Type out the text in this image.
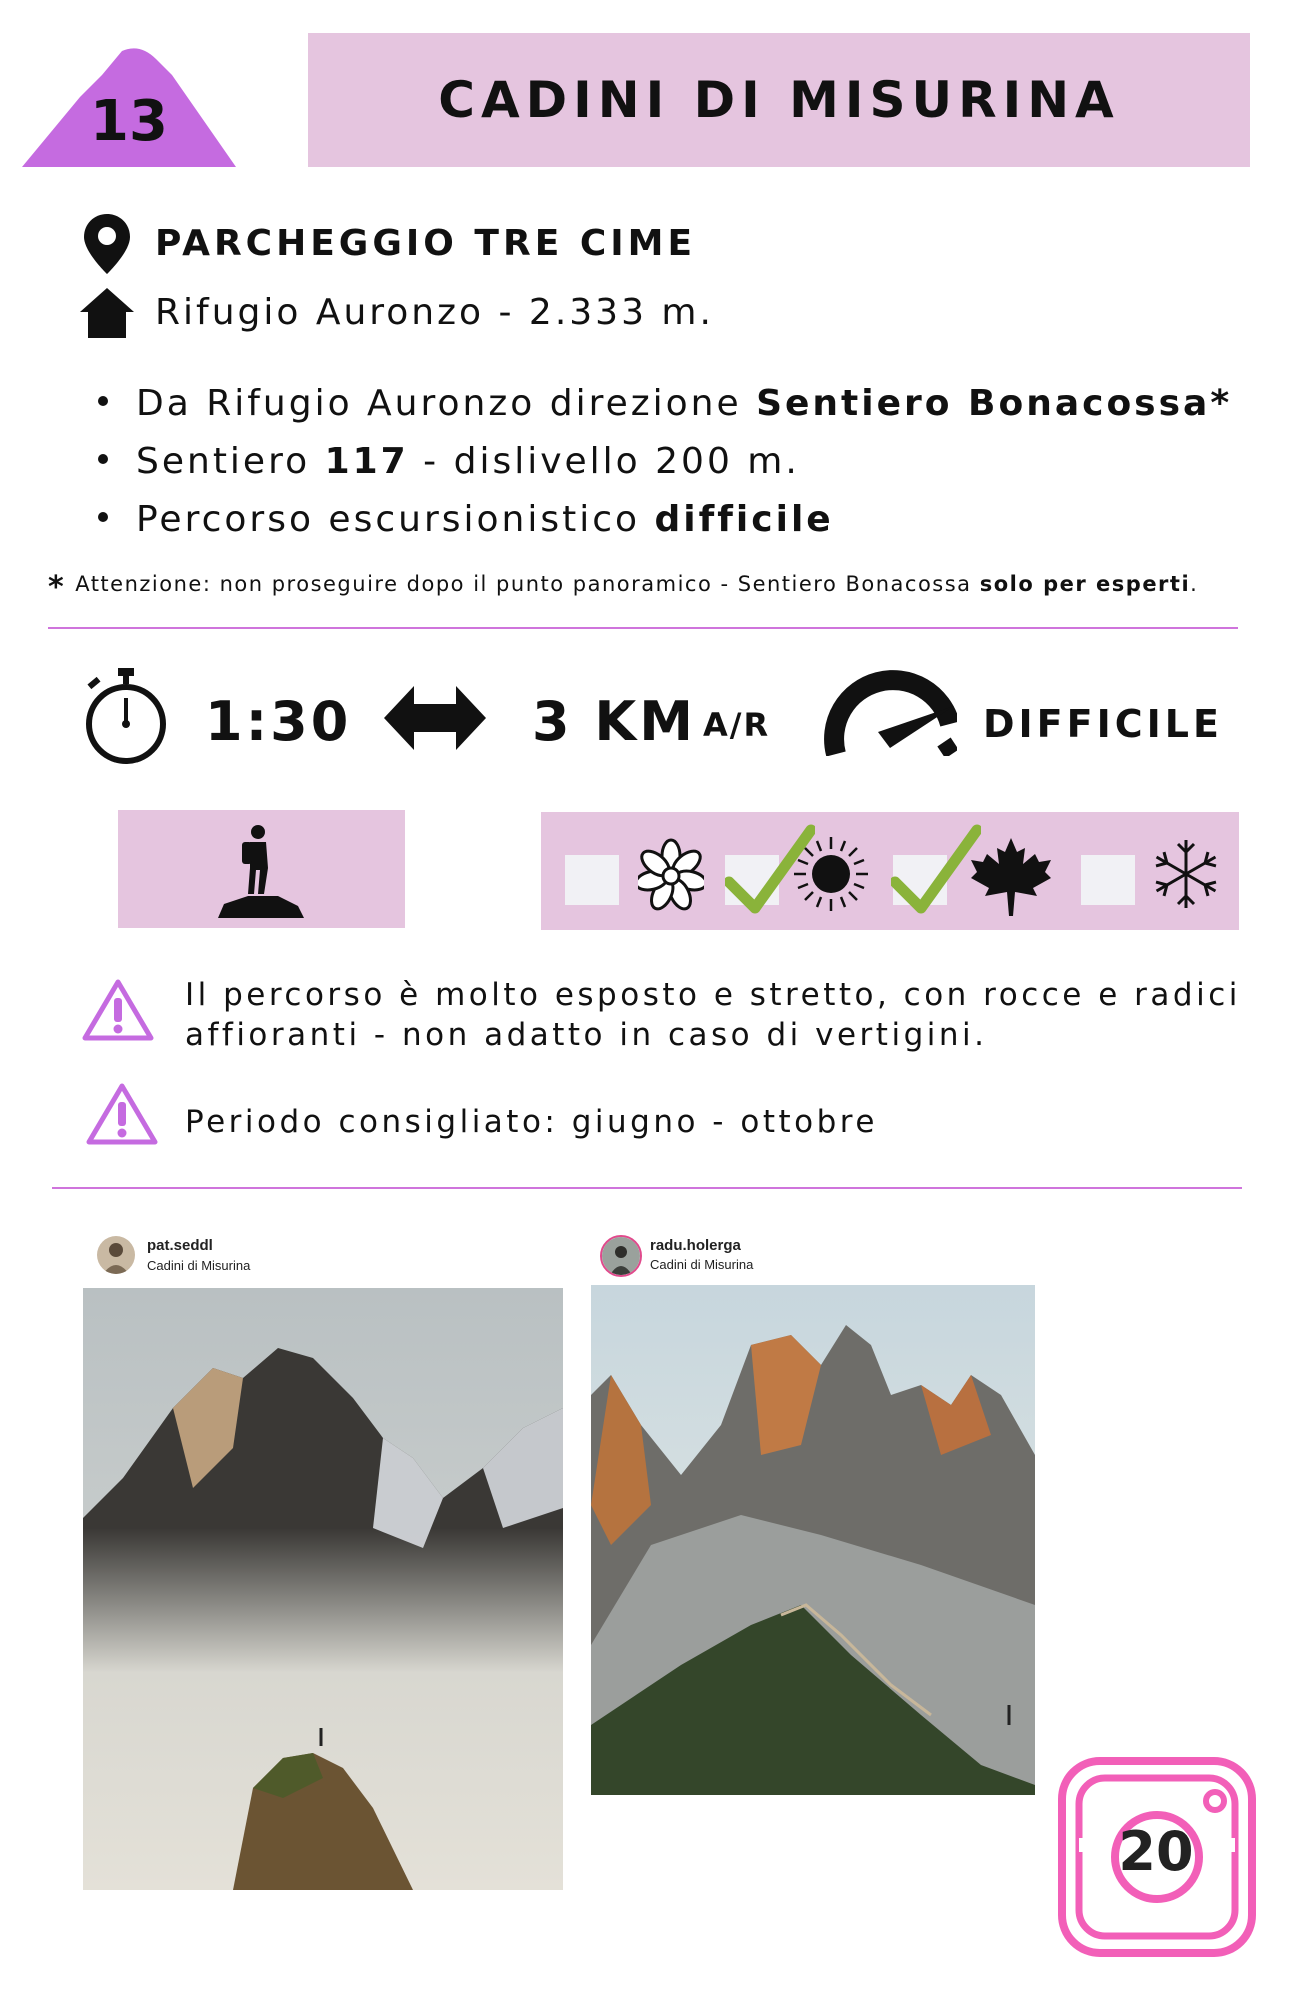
13	CADINI DI MISURINA
PARCHEGGIO TRE CIME
Rifugio Auronzo - 2.333 m.
Da Rifugio Auronzo direzione Sentiero Bonacossa*
Sentiero 117 - dislivello 200 m.
Percorso escursionistico difficile
* Attenzione: non proseguire dopo il punto panoramico - Sentiero Bonacossa solo per esperti.
1:30	3 KM A/R	DIFFICILE
Il percorso è molto esposto e stretto, con rocce e radici
affioranti - non adatto in caso di vertigini.
Periodo consigliato: giugno - ottobre
pat.seddl
Cadini di Misurina
radu.holerga
Cadini di Misurina
20
